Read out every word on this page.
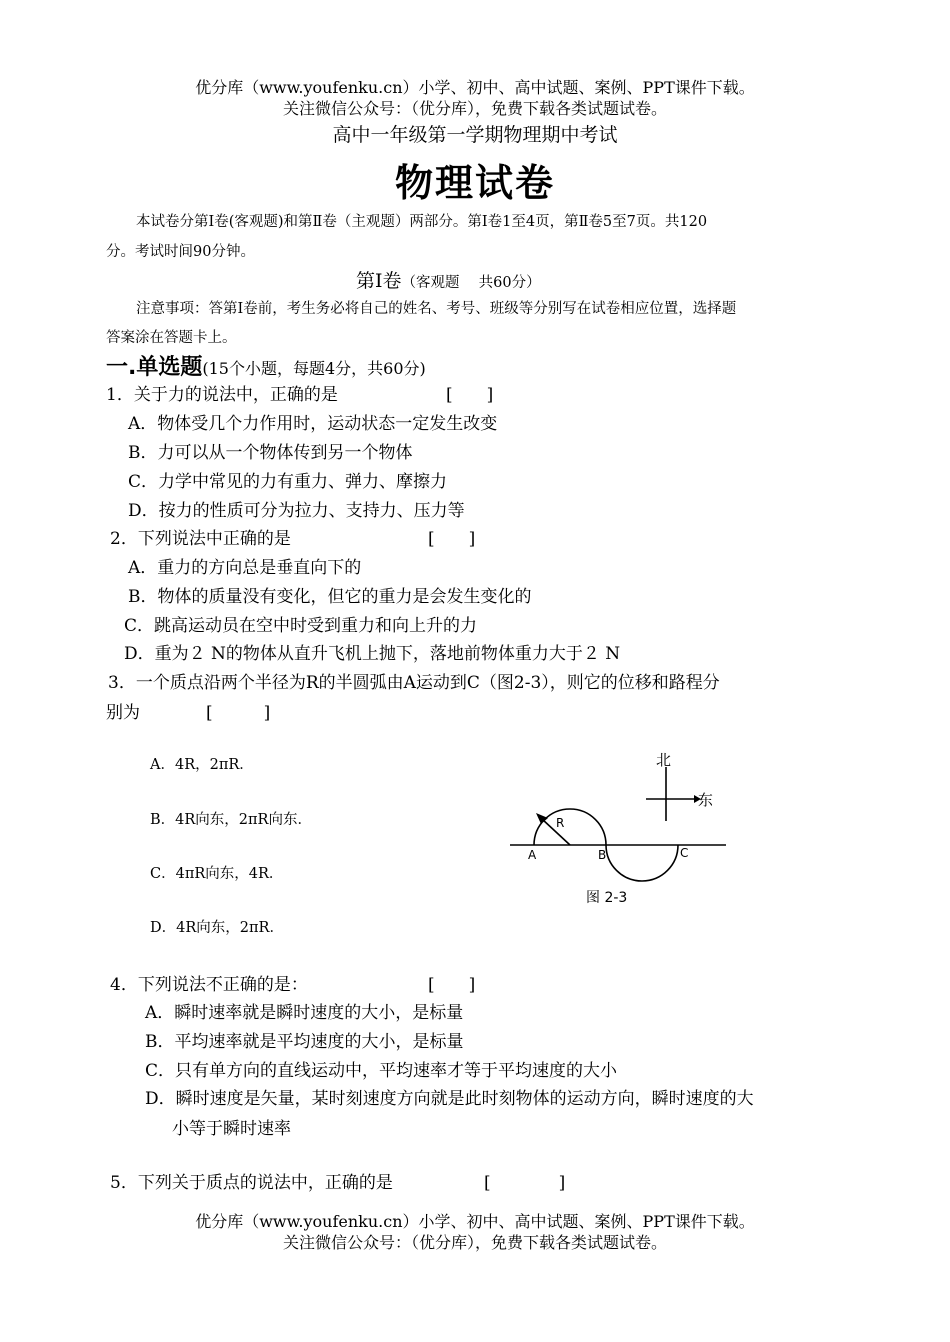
优分库（www.youfenku.cn）小学、初中、高中试题、案例、PPT课件下载。
关注微信公众号：（优分库），免费下载各类试题试卷。
高中一年级第一学期物理期中考试
物理试卷
本试卷分第Ⅰ卷(客观题)和第Ⅱ卷（主观题）两部分。第Ⅰ卷1至4页，第Ⅱ卷5至7页。共120
分。考试时间90分钟。
第Ⅰ卷（客观题　 共60分）
注意事项：答第Ⅰ卷前，考生务必将自己的姓名、考号、班级等分别写在试卷相应位置，选择题
答案涂在答题卡上。
一.单选题(15个小题，每题4分，共60分)
1．关于力的说法中，正确的是	[　　]
A．物体受几个力作用时，运动状态一定发生改变
B．力可以从一个物体传到另一个物体
C．力学中常见的力有重力、弹力、摩擦力
D．按力的性质可分为拉力、支持力、压力等
2．下列说法中正确的是	[　　]
A．重力的方向总是垂直向下的
B．物体的质量没有变化，但它的重力是会发生变化的
C．跳高运动员在空中时受到重力和向上升的力
D．重为２ N的物体从直升飞机上抛下，落地前物体重力大于２ N
3．一个质点沿两个半径为R的半圆弧由A运动到C（图2-3），则它的位移和路程分
别为	[　　　]
A．4R，2πR．
B．4R向东，2πR向东．
C．4πR向东，4R．
D．4R向东，2πR．
北
东
R
A	B	C
图 2-3
4．下列说法不正确的是：	[　　]
A．瞬时速率就是瞬时速度的大小，是标量
B．平均速率就是平均速度的大小，是标量
C．只有单方向的直线运动中，平均速率才等于平均速度的大小
D．瞬时速度是矢量，某时刻速度方向就是此时刻物体的运动方向，瞬时速度的大
小等于瞬时速率
5．下列关于质点的说法中，正确的是	[　　　　]
优分库（www.youfenku.cn）小学、初中、高中试题、案例、PPT课件下载。
关注微信公众号：（优分库），免费下载各类试题试卷。
